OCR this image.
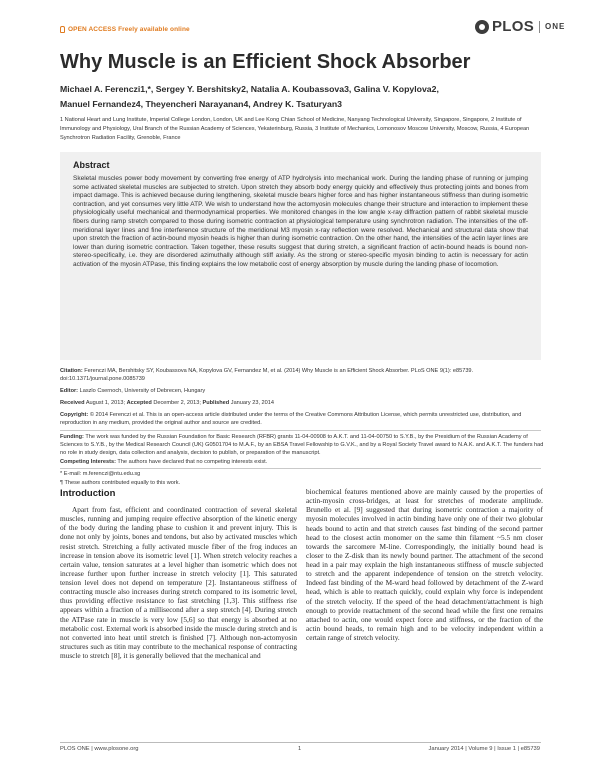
OPEN ACCESS Freely available online	PLOS ONE
Why Muscle is an Efficient Shock Absorber
Michael A. Ferenczi1,*, Sergey Y. Bershitsky2, Natalia A. Koubassova3, Galina V. Kopylova2,
Manuel Fernandez4, Theyencheri Narayanan4, Andrey K. Tsaturyan3
1 National Heart and Lung Institute, Imperial College London, London, UK and Lee Kong Chian School of Medicine, Nanyang Technological University, Singapore, Singapore, 2 Institute of Immunology and Physiology, Ural Branch of the Russian Academy of Sciences, Yekaterinburg, Russia, 3 Institute of Mechanics, Lomonosov Moscow University, Moscow, Russia, 4 European Synchrotron Radiation Facility, Grenoble, France
Abstract

Skeletal muscles power body movement by converting free energy of ATP hydrolysis into mechanical work. During the landing phase of running or jumping some activated skeletal muscles are subjected to stretch. Upon stretch they absorb body energy quickly and effectively thus protecting joints and bones from impact damage. This is achieved because during lengthening, skeletal muscle bears higher force and has higher instantaneous stiffness than during isometric contraction, and yet consumes very little ATP. We wish to understand how the actomyosin molecules change their structure and interaction to implement these physiologically useful mechanical and thermodynamical properties. We monitored changes in the low angle x-ray diffraction pattern of rabbit skeletal muscle fibers during ramp stretch compared to those during isometric contraction at physiological temperature using synchrotron radiation. The intensities of the off-meridional layer lines and fine interference structure of the meridional M3 myosin x-ray reflection were resolved. Mechanical and structural data show that upon stretch the fraction of actin-bound myosin heads is higher than during isometric contraction. On the other hand, the intensities of the actin layer lines are lower than during isometric contraction. Taken together, these results suggest that during stretch, a significant fraction of actin-bound heads is bound non-stereo-specifically, i.e. they are disordered azimuthally although stiff axially. As the strong or stereo-specific myosin binding to actin is necessary for actin activation of the myosin ATPase, this finding explains the low metabolic cost of energy absorption by muscle during the landing phase of locomotion.

Citation: Ferenczi MA, Bershitsky SY, Koubassova NA, Kopylova GV, Fernandez M, et al. (2014) Why Muscle is an Efficient Shock Absorber. PLoS ONE 9(1): e85739. doi:10.1371/journal.pone.0085739
Editor: Laszlo Csernoch, University of Debrecen, Hungary
Received August 1, 2013; Accepted December 2, 2013; Published January 23, 2014
Copyright: © 2014 Ferenczi et al. This is an open-access article distributed under the terms of the Creative Commons Attribution License, which permits unrestricted use, distribution, and reproduction in any medium, provided the original author and source are credited.
Funding: The work was funded by the Russian Foundation for Basic Research (RFBR) grants 11-04-00908 to A.K.T. and 11-04-00750 to S.Y.B., by the Presidium of the Russian Academy of Sciences to S.Y.B., by the Medical Research Council (UK) G0501704 to M.A.F., by an EBSA Travel Fellowship to G.V.K., and by a Royal Society Travel award to N.A.K. and A.K.T. The funders had no role in study design, data collection and analysis, decision to publish, or preparation of the manuscript.
Competing Interests: The authors have declared that no competing interests exist.
* E-mail: m.ferenczi@ntu.edu.sg
¶ These authors contributed equally to this work.
Introduction

Apart from fast, efficient and coordinated contraction of several skeletal muscles, running and jumping require effective absorption of the kinetic energy of the body during the landing phase to cushion it and prevent injury. This is done not only by joints, bones and tendons, but also by activated muscles which resist stretch. Stretching a fully activated muscle fiber of the frog induces an increase in tension above its isometric level [1]. When stretch velocity reaches a certain value, tension saturates at a level higher than isometric which does not increase further upon further increase in stretch velocity [1]. This saturated tension level does not depend on temperature [2]. Instantaneous stiffness of contracting muscle also increases during stretch compared to its isometric level, thus providing effective resistance to fast stretching [1,3]. This stiffness rise appears within a fraction of a millisecond after a step stretch [4]. During stretch the ATPase rate in muscle is very low [5,6] so that energy is absorbed at no metabolic cost. External work is absorbed inside the muscle during stretch and is not converted into heat until stretch is finished [7]. Although non-actomyosin structures such as titin may contribute to the mechanical response of contracting muscle to stretch [8], it is generally believed that the mechanical and

biochemical features mentioned above are mainly caused by the properties of actin-myosin cross-bridges, at least for stretches of moderate amplitude. Brunello et al. [9] suggested that during isometric contraction a majority of myosin molecules involved in actin binding have only one of their two globular heads bound to actin and that stretch causes fast binding of the second partner head to the closest actin monomer on the same thin filament ~5.5 nm closer towards the sarcomere M-line. Correspondingly, the initially bound head is closer to the Z-disk than its newly bound partner. The attachment of the second head in a pair may explain the high instantaneous stiffness of muscle subjected to stretch and the apparent independence of tension on the stretch velocity. Indeed fast binding of the M-ward head followed by detachment of the Z-ward head, which is able to reattach quickly, could explain why force is independent of the stretch velocity. If the speed of the head detachment/attachment is high enough to provide reattachment of the second head while the first one remains attached to actin, one would expect force and stiffness, or the fraction of the actin bound heads, to remain high and to be velocity independent within a certain range of stretch velocity.

PLOS ONE | www.plosone.org	1	January 2014 | Volume 9 | Issue 1 | e85739
